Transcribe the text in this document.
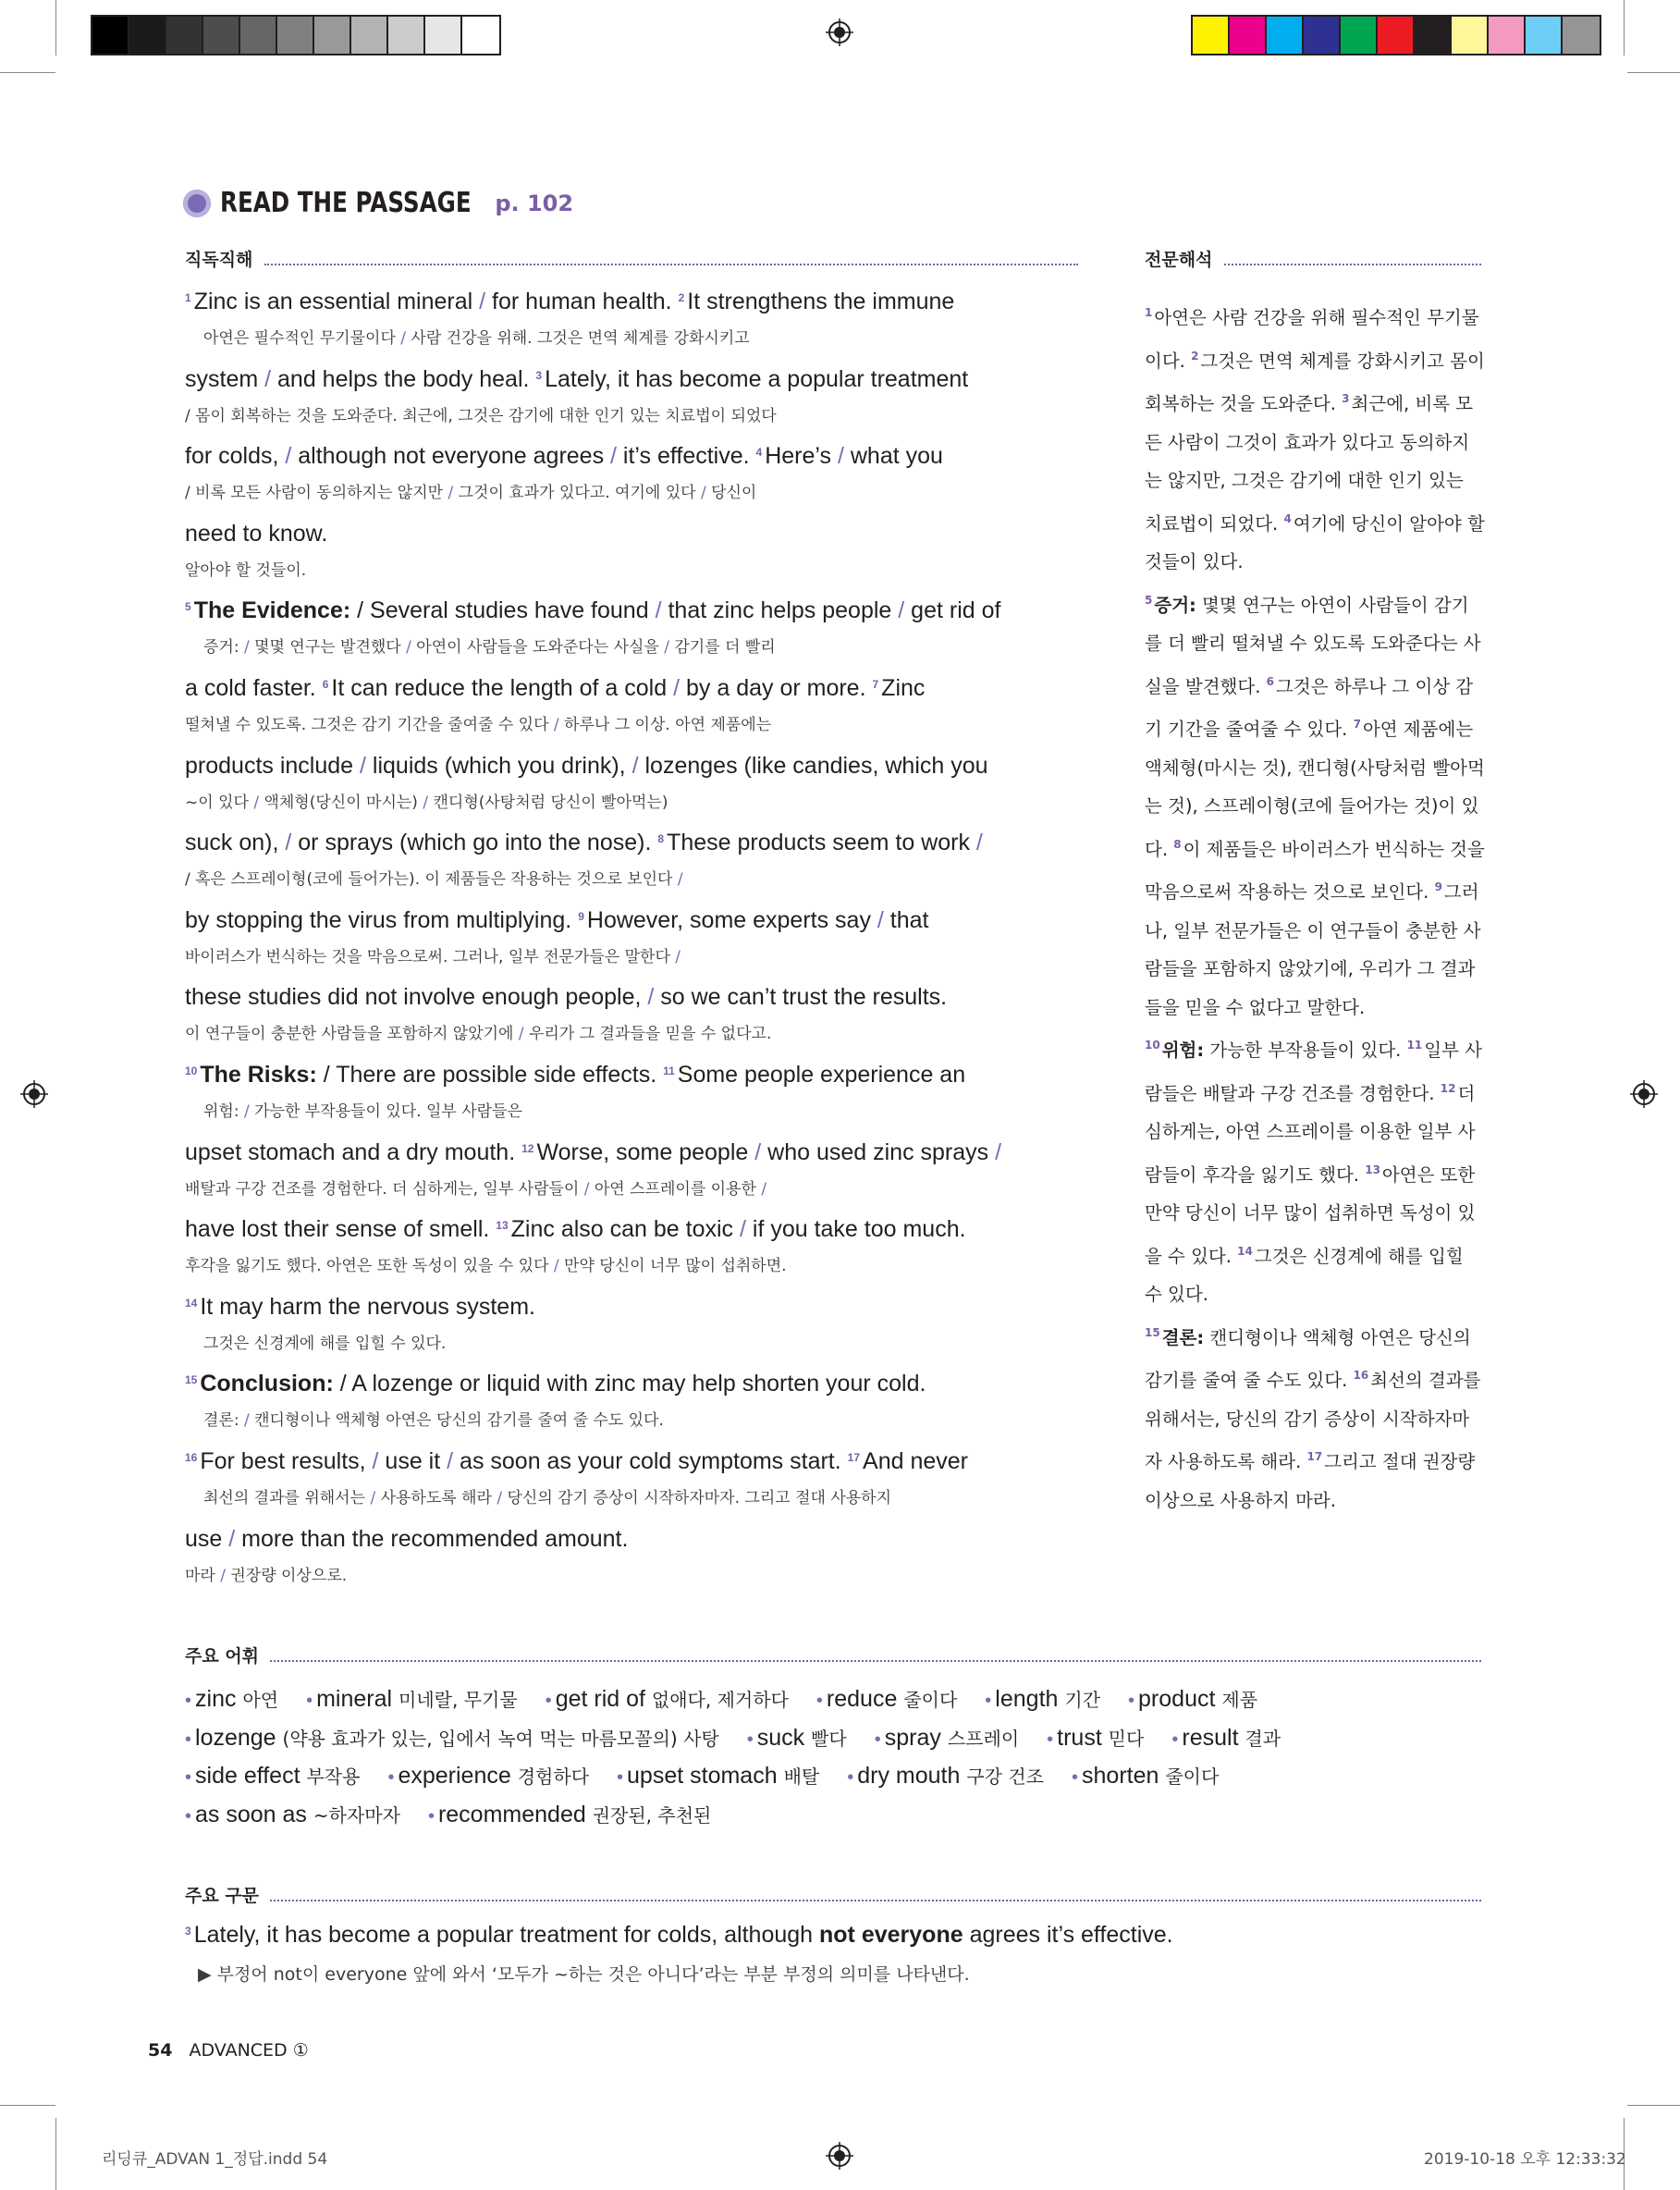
READ THE PASSAGE p. 102
직독직해	전문해석
$^1$ Zinc is an essential mineral / for human health. $^2$ It strengthens the immune
아연은 필수적인 무기물이다 / 사람 건강을 위해. 그것은 면역 체계를 강화시키고
system / and helps the body heal. $^3$ Lately, it has become a popular treatment
/ 몸이 회복하는 것을 도와준다. 최근에, 그것은 감기에 대한 인기 있는 치료법이 되었다
for colds, / although not everyone agrees / it’s effective. $^4$ Here’s / what you
/ 비록 모든 사람이 동의하지는 않지만 / 그것이 효과가 있다고. 여기에 있다 / 당신이
need to know.
알아야 할 것들이.
$^5$ The Evidence: / Several studies have found / that zinc helps people / get rid of
증거: / 몇몇 연구는 발견했다 / 아연이 사람들을 도와준다는 사실을 / 감기를 더 빨리
a cold faster. $^6$ It can reduce the length of a cold / by a day or more. $^7$ Zinc
떨쳐낼 수 있도록. 그것은 감기 기간을 줄여줄 수 있다 / 하루나 그 이상. 아연 제품에는
products include / liquids (which you drink), / lozenges (like candies, which you
~이 있다 / 액체형(당신이 마시는) / 캔디형(사탕처럼 당신이 빨아먹는)
suck on), / or sprays (which go into the nose). $^8$ These products seem to work /
/ 혹은 스프레이형(코에 들어가는). 이 제품들은 작용하는 것으로 보인다 /
by stopping the virus from multiplying. $^9$ However, some experts say / that
바이러스가 번식하는 것을 막음으로써. 그러나, 일부 전문가들은 말한다 /
these studies did not involve enough people, / so we can’t trust the results.
이 연구들이 충분한 사람들을 포함하지 않았기에 / 우리가 그 결과들을 믿을 수 없다고.
$^{10}$ The Risks: / There are possible side effects. $^{11}$ Some people experience an
위험: / 가능한 부작용들이 있다. 일부 사람들은
upset stomach and a dry mouth. $^{12}$ Worse, some people / who used zinc sprays /
배탈과 구강 건조를 경험한다. 더 심하게는, 일부 사람들이 / 아연 스프레이를 이용한 /
have lost their sense of smell. $^{13}$ Zinc also can be toxic / if you take too much.
후각을 잃기도 했다. 아연은 또한 독성이 있을 수 있다 / 만약 당신이 너무 많이 섭취하면.
$^{14}$ It may harm the nervous system.
그것은 신경계에 해를 입힐 수 있다.
$^{15}$ Conclusion: / A lozenge or liquid with zinc may help shorten your cold.
결론: / 캔디형이나 액체형 아연은 당신의 감기를 줄여 줄 수도 있다.
$^{16}$ For best results, / use it / as soon as your cold symptoms start. $^{17}$ And never
최선의 결과를 위해서는 / 사용하도록 해라 / 당신의 감기 증상이 시작하자마자. 그리고 절대 사용하지
use / more than the recommended amount.
마라 / 권장량 이상으로.

$^1$ 아연은 사람 건강을 위해 필수적인 무기물이다. $^2$ 그것은 면역 체계를 강화시키고 몸이 회복하는 것을 도와준다. $^3$ 최근에, 비록 모든 사람이 그것이 효과가 있다고 동의하지는 않지만, 그것은 감기에 대한 인기 있는 치료법이 되었다. $^4$ 여기에 당신이 알아야 할 것들이 있다.

$^5$ 증거: 몇몇 연구는 아연이 사람들이 감기를 더 빨리 떨쳐낼 수 있도록 도와준다는 사실을 발견했다. $^6$ 그것은 하루나 그 이상 감기 기간을 줄여줄 수 있다. $^7$ 아연 제품에는 액체형(마시는 것), 캔디형(사탕처럼 빨아먹는 것), 스프레이형(코에 들어가는 것)이 있다. $^8$ 이 제품들은 바이러스가 번식하는 것을 막음으로써 작용하는 것으로 보인다. $^9$ 그러나, 일부 전문가들은 이 연구들이 충분한 사람들을 포함하지 않았기에, 우리가 그 결과들을 믿을 수 없다고 말한다.

$^{10}$ 위험: 가능한 부작용들이 있다. $^{11}$ 일부 사람들은 배탈과 구강 건조를 경험한다. $^{12}$ 더 심하게는, 아연 스프레이를 이용한 일부 사람들이 후각을 잃기도 했다. $^{13}$ 아연은 또한 만약 당신이 너무 많이 섭취하면 독성이 있을 수 있다. $^{14}$ 그것은 신경계에 해를 입힐 수 있다.

$^{15}$ 결론: 캔디형이나 액체형 아연은 당신의 감기를 줄여 줄 수도 있다. $^{16}$ 최선의 결과를 위해서는, 당신의 감기 증상이 시작하자마자 사용하도록 해라. $^{17}$ 그리고 절대 권장량 이상으로 사용하지 마라.

주요 어휘
• zinc 아연 • mineral 미네랄, 무기물 • get rid of 없애다, 제거하다 • reduce 줄이다 • length 기간 • product 제품
• lozenge (약용 효과가 있는, 입에서 녹여 먹는 마름모꼴의) 사탕 • suck 빨다 • spray 스프레이 • trust 믿다 • result 결과
• side effect 부작용 • experience 경험하다 • upset stomach 배탈 • dry mouth 구강 건조 • shorten 줄이다
• as soon as ~하자마자 • recommended 권장된, 추천된
주요 구문
$^3$ Lately, it has become a popular treatment for colds, although not everyone agrees it’s effective.
▶ 부정어 not이 everyone 앞에 와서 ‘모두가 ~하는 것은 아니다’라는 부분 부정의 의미를 나타낸다.
54 ADVANCED ①
리딩큐_ADVAN 1_정답.indd 54	2019-10-18 오후 12:33:32
